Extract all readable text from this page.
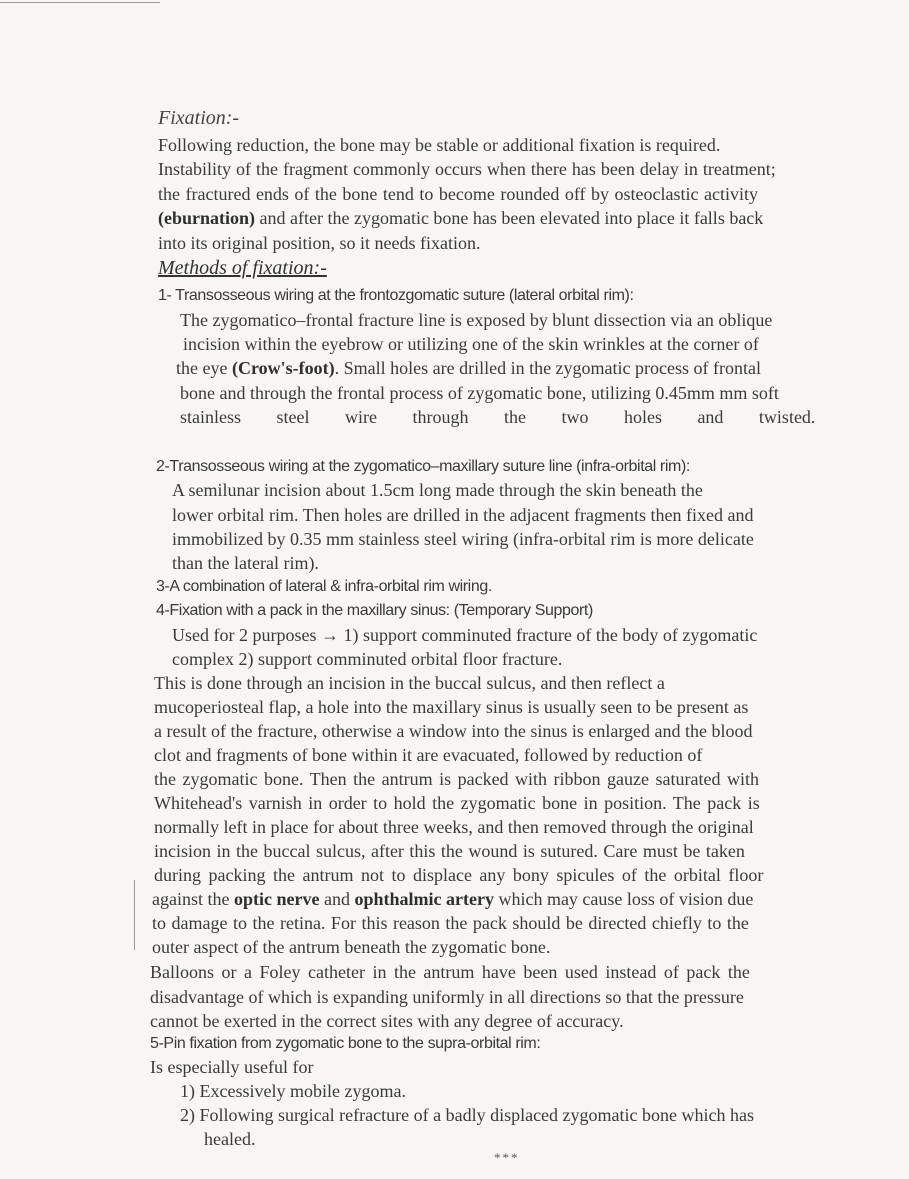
Fixation:-
Following reduction, the bone may be stable or additional fixation is required.
Instability of the fragment commonly occurs when there has been delay in treatment;
the fractured ends of the bone tend to become rounded off by osteoclastic activity
(eburnation) and after the zygomatic bone has been elevated into place it falls back
into its original position, so it needs fixation.
Methods of fixation:-
1- Transosseous wiring at the frontozgomatic suture (lateral orbital rim):
The zygomatico–frontal fracture line is exposed by blunt dissection via an oblique
incision within the eyebrow or utilizing one of the skin wrinkles at the corner of
the eye (Crow's-foot). Small holes are drilled in the zygomatic process of frontal
bone and through the frontal process of zygomatic bone, utilizing 0.45mm mm soft
stainless steel wire through the two holes and twisted.
2-Transosseous wiring at the zygomatico–maxillary suture line (infra-orbital rim):
A semilunar incision about 1.5cm long made through the skin beneath the
lower orbital rim. Then holes are drilled in the adjacent fragments then fixed and
immobilized by 0.35 mm stainless steel wiring (infra-orbital rim is more delicate
than the lateral rim).
3-A combination of lateral & infra-orbital rim wiring.
4-Fixation with a pack in the maxillary sinus: (Temporary Support)
Used for 2 purposes → 1) support comminuted fracture of the body of zygomatic
complex 2) support comminuted orbital floor fracture.
This is done through an incision in the buccal sulcus, and then reflect a
mucoperiosteal flap, a hole into the maxillary sinus is usually seen to be present as
a result of the fracture, otherwise a window into the sinus is enlarged and the blood
clot and fragments of bone within it are evacuated, followed by reduction of
the zygomatic bone. Then the antrum is packed with ribbon gauze saturated with
Whitehead's varnish in order to hold the zygomatic bone in position. The pack is
normally left in place for about three weeks, and then removed through the original
incision in the buccal sulcus, after this the wound is sutured. Care must be taken
during packing the antrum not to displace any bony spicules of the orbital floor
against the optic nerve and ophthalmic artery which may cause loss of vision due
to damage to the retina. For this reason the pack should be directed chiefly to the
outer aspect of the antrum beneath the zygomatic bone.
Balloons or a Foley catheter in the antrum have been used instead of pack the
disadvantage of which is expanding uniformly in all directions so that the pressure
cannot be exerted in the correct sites with any degree of accuracy.
5-Pin fixation from zygomatic bone to the supra-orbital rim:
Is especially useful for
1) Excessively mobile zygoma.
2) Following surgical refracture of a badly displaced zygomatic bone which has
healed.
***
